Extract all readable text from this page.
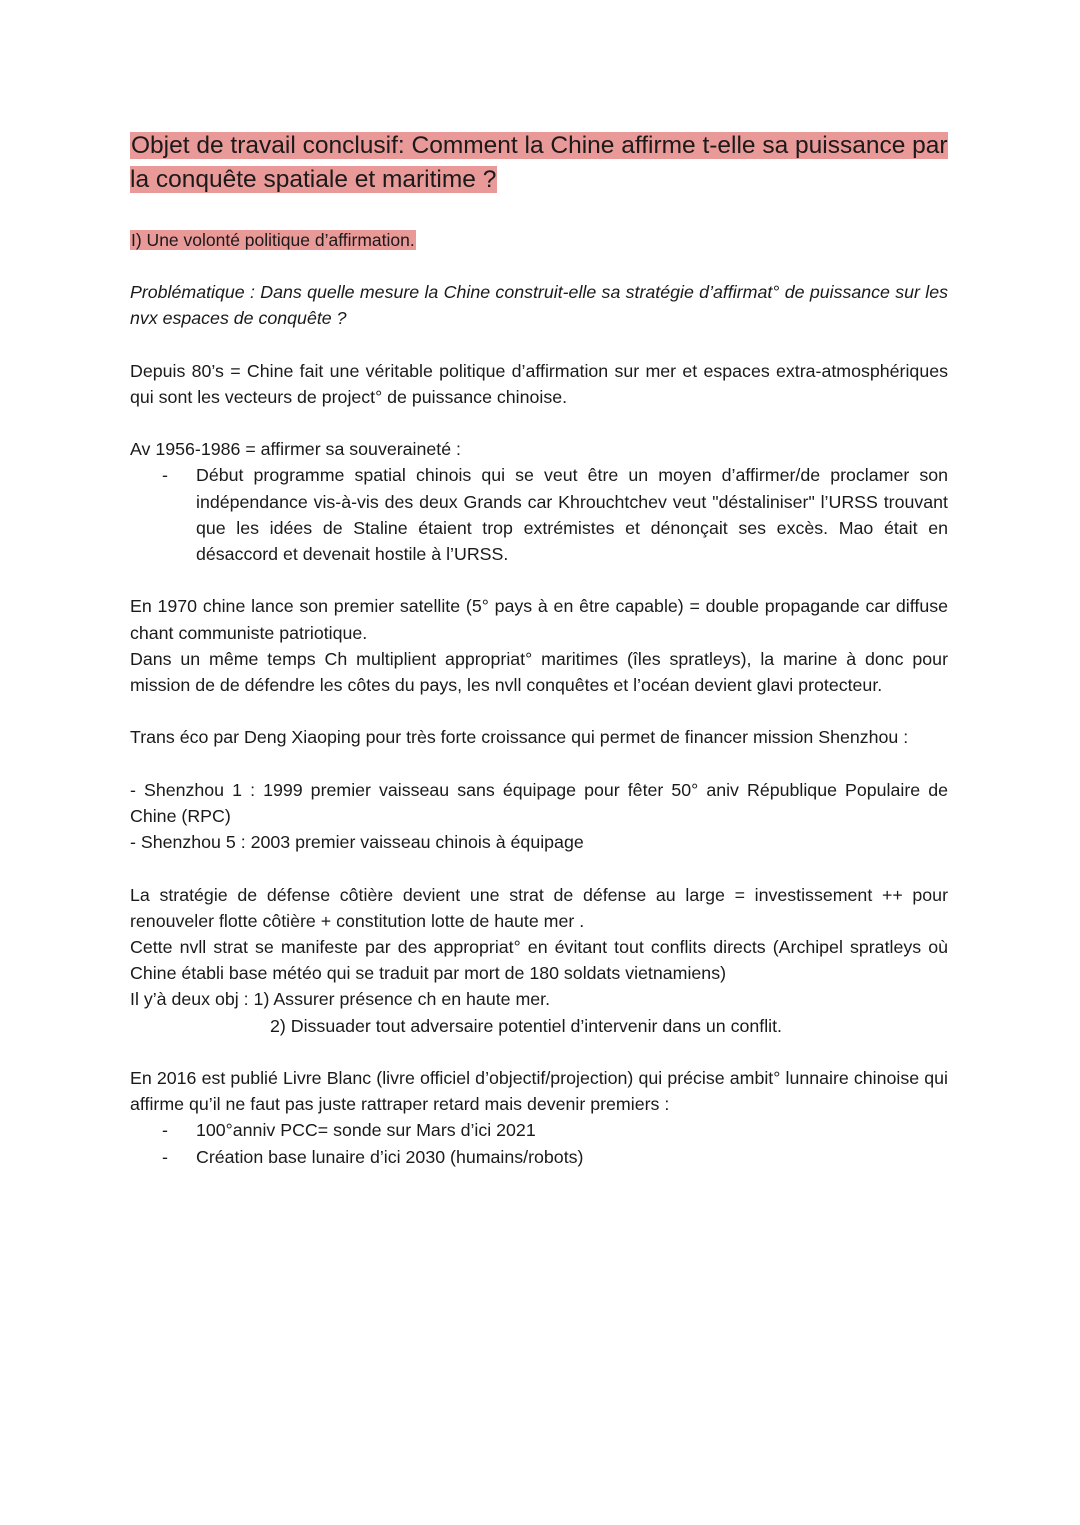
Objet de travail conclusif: Comment la Chine affirme t-elle sa puissance par la conquête spatiale et maritime ?
I) Une volonté politique d’affirmation.

Problématique : Dans quelle mesure la Chine construit-elle sa stratégie d’affirmat° de puissance sur les nvx espaces de conquête ?

Depuis 80’s = Chine fait une véritable politique d’affirmation sur mer et espaces extra-atmosphériques qui sont les vecteurs de project° de puissance chinoise.

Av 1956-1986 = affirmer sa souveraineté :

- Début programme spatial chinois qui se veut être un moyen d’affirmer/de proclamer son indépendance vis-à-vis des deux Grands car Khrouchtchev veut "déstaliniser" l’URSS trouvant que les idées de Staline étaient trop extrémistes et dénonçait ses excès. Mao était en désaccord et devenait hostile à l’URSS.

En 1970 chine lance son premier satellite (5° pays à en être capable) = double propagande car diffuse chant communiste patriotique.

Dans un même temps Ch multiplient appropriat° maritimes (îles spratleys), la marine à donc pour mission de de défendre les côtes du pays, les nvll conquêtes et l’océan devient glavi protecteur.

Trans éco par Deng Xiaoping pour très forte croissance qui permet de financer mission Shenzhou :

- Shenzhou 1 : 1999 premier vaisseau sans équipage pour fêter 50° aniv République Populaire de Chine (RPC)

- Shenzhou 5 : 2003 premier vaisseau chinois à équipage

La stratégie de défense côtière devient une strat de défense au large = investissement ++ pour renouveler flotte côtière + constitution lotte de haute mer .

Cette nvll strat se manifeste par des appropriat° en évitant tout conflits directs (Archipel spratleys où Chine établi base météo qui se traduit par mort de 180 soldats vietnamiens)

Il y’à deux obj : 1) Assurer présence ch en haute mer.

2) Dissuader tout adversaire potentiel d’intervenir dans un conflit.

En 2016 est publié Livre Blanc (livre officiel d’objectif/projection) qui précise ambit° lunnaire chinoise qui affirme qu’il ne faut pas juste rattraper retard mais devenir premiers :

- 100°anniv PCC= sonde sur Mars d’ici 2021
- Création base lunaire d’ici 2030 (humains/robots)
